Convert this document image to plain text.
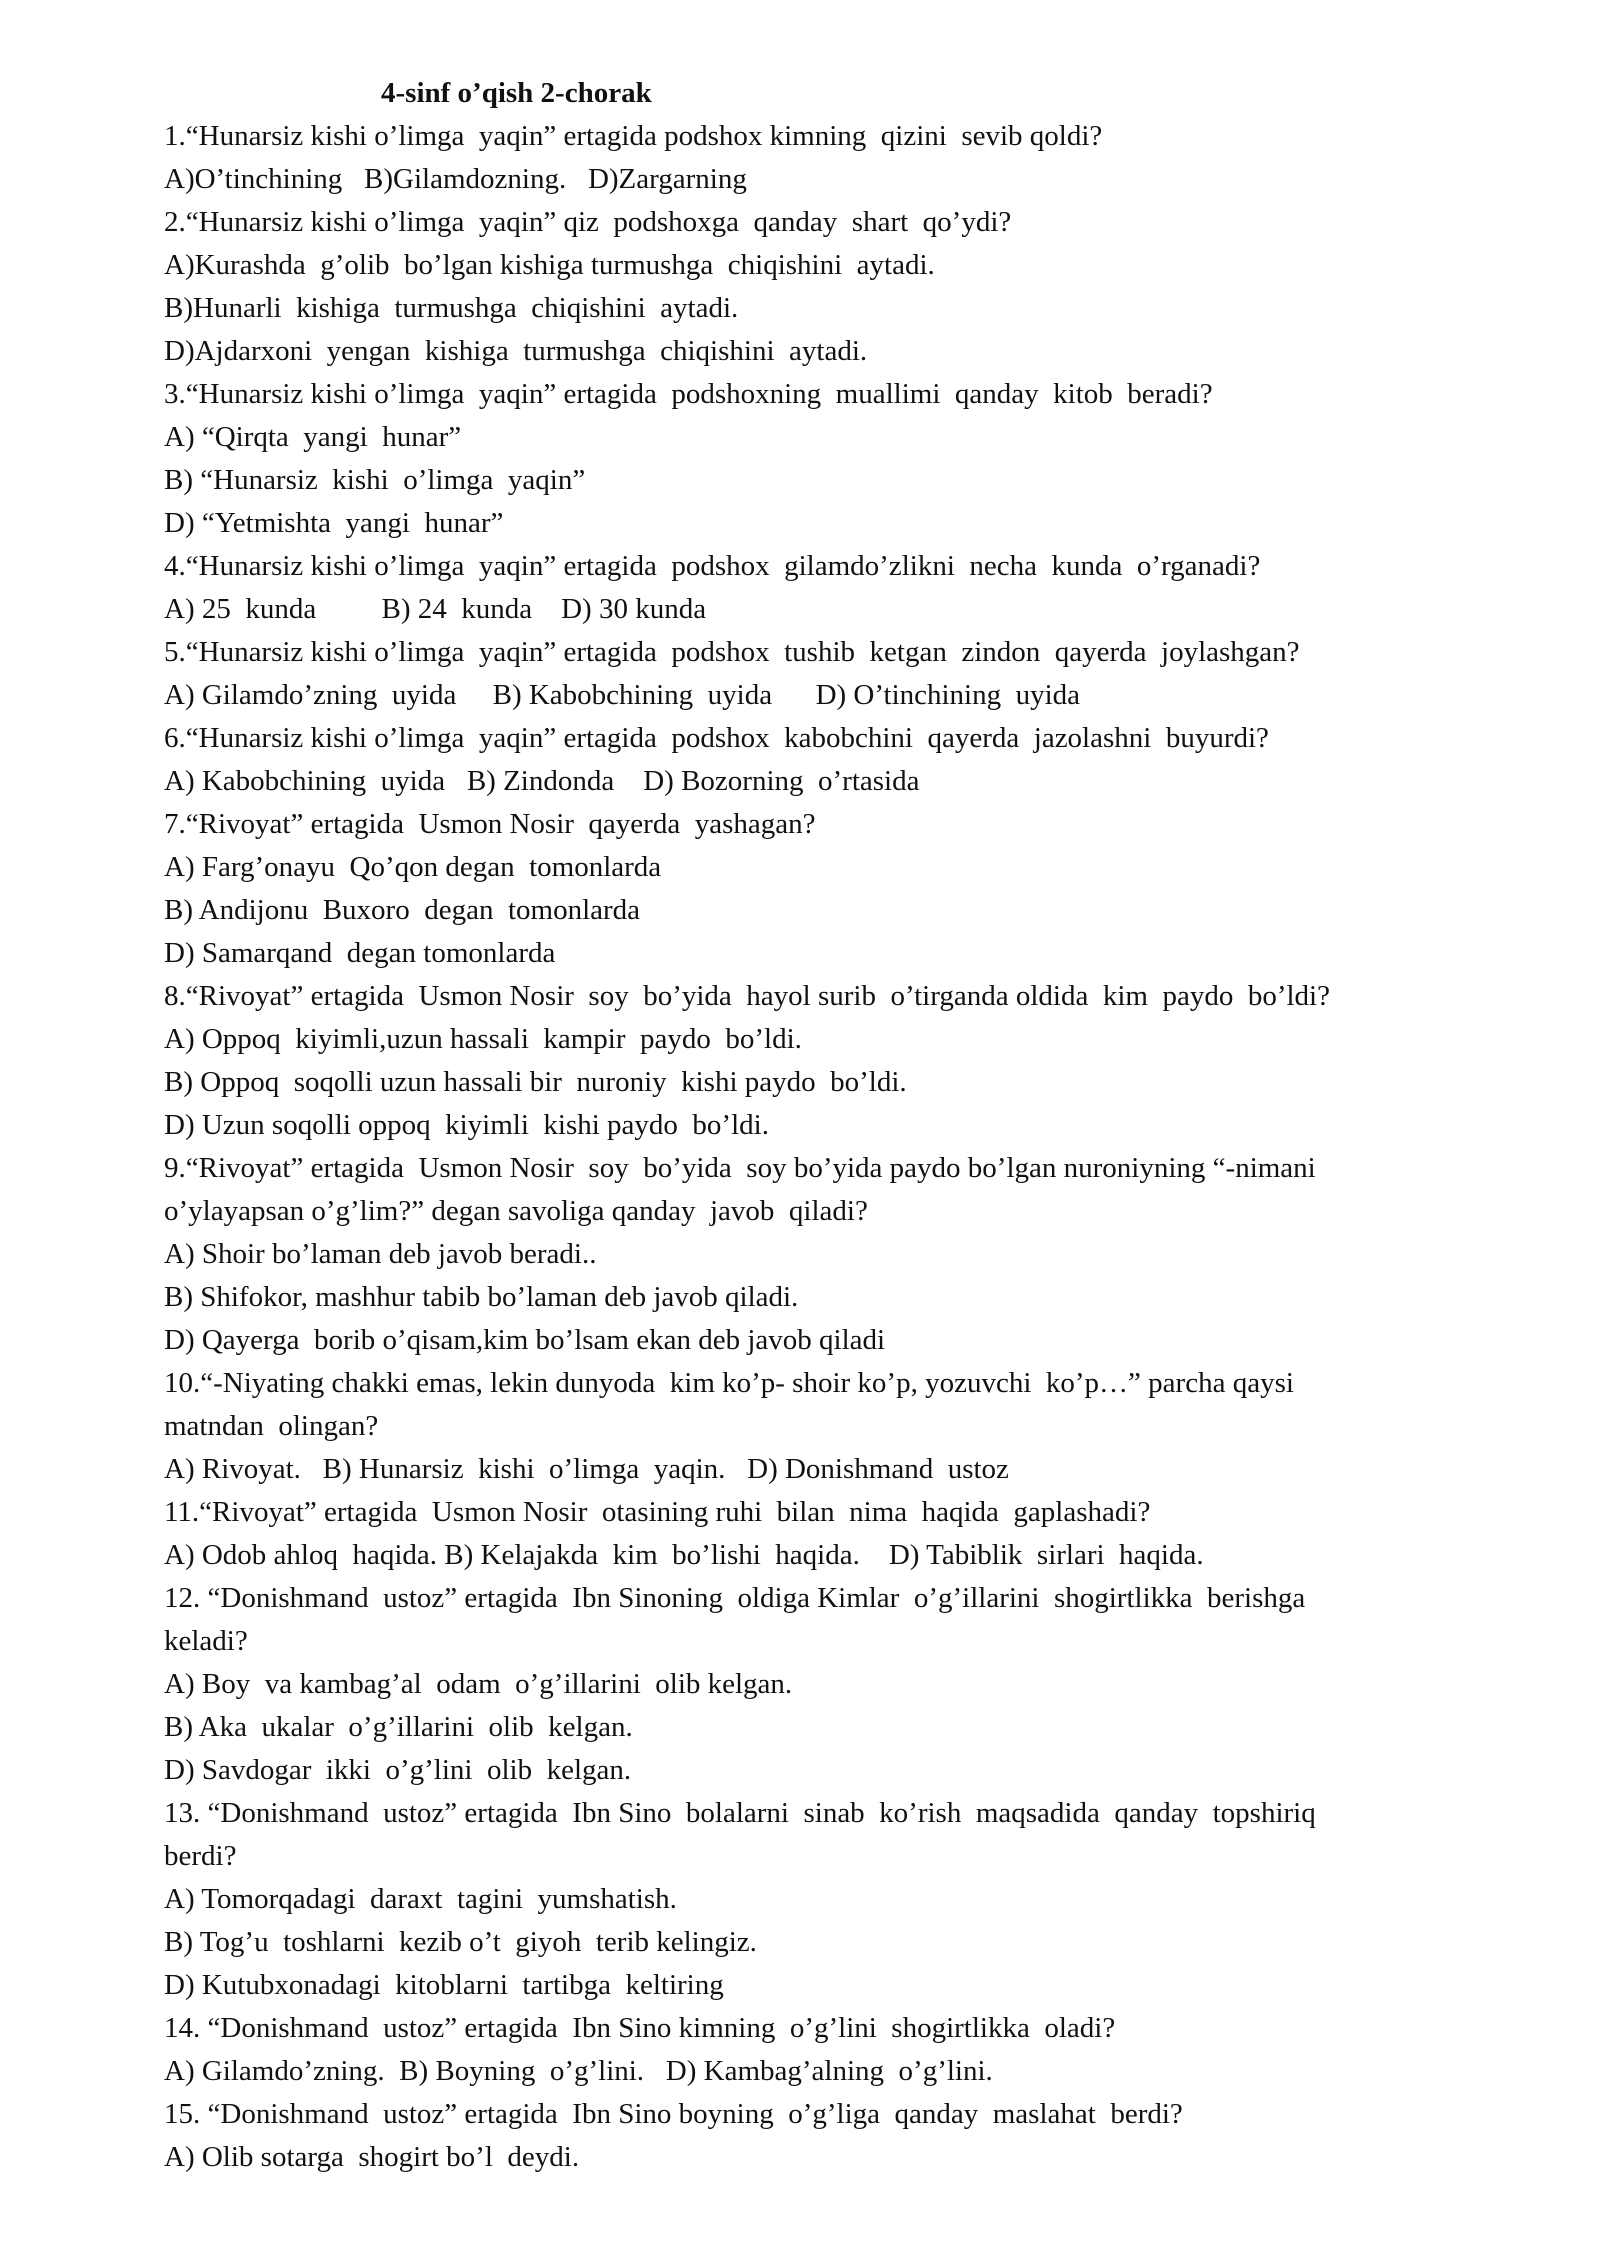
4-sinf o’qish 2-chorak
1.“Hunarsiz kishi o’limga  yaqin” ertagida podshox kimning  qizini  sevib qoldi?
A)O’tinchining   B)Gilamdozning.   D)Zargarning
2.“Hunarsiz kishi o’limga  yaqin” qiz  podshoxga  qanday  shart  qo’ydi?
A)Kurashda  g’olib  bo’lgan kishiga turmushga  chiqishini  aytadi.
B)Hunarli  kishiga  turmushga  chiqishini  aytadi.
D)Ajdarxoni  yengan  kishiga  turmushga  chiqishini  aytadi.
3.“Hunarsiz kishi o’limga  yaqin” ertagida  podshoxning  muallimi  qanday  kitob  beradi?
A) “Qirqta  yangi  hunar”
B) “Hunarsiz  kishi  o’limga  yaqin”
D) “Yetmishta  yangi  hunar”
4.“Hunarsiz kishi o’limga  yaqin” ertagida  podshox  gilamdo’zlikni  necha  kunda  o’rganadi?
A) 25  kunda         B) 24  kunda    D) 30 kunda
5.“Hunarsiz kishi o’limga  yaqin” ertagida  podshox  tushib  ketgan  zindon  qayerda  joylashgan?
A) Gilamdo’zning  uyida     B) Kabobchining  uyida      D) O’tinchining  uyida
6.“Hunarsiz kishi o’limga  yaqin” ertagida  podshox  kabobchini  qayerda  jazolashni  buyurdi?
A) Kabobchining  uyida   B) Zindonda    D) Bozorning  o’rtasida
7.“Rivoyat” ertagida  Usmon Nosir  qayerda  yashagan?
A) Farg’onayu  Qo’qon degan  tomonlarda
B) Andijonu  Buxoro  degan  tomonlarda
D) Samarqand  degan tomonlarda
8.“Rivoyat” ertagida  Usmon Nosir  soy  bo’yida  hayol surib  o’tirganda oldida  kim  paydo  bo’ldi?
A) Oppoq  kiyimli,uzun hassali  kampir  paydo  bo’ldi.
B) Oppoq  soqolli uzun hassali bir  nuroniy  kishi paydo  bo’ldi.
D) Uzun soqolli oppoq  kiyimli  kishi paydo  bo’ldi.
9.“Rivoyat” ertagida  Usmon Nosir  soy  bo’yida  soy bo’yida paydo bo’lgan nuroniyning “-nimani
o’ylayapsan o’g’lim?” degan savoliga qanday  javob  qiladi?
A) Shoir bo’laman deb javob beradi..
B) Shifokor, mashhur tabib bo’laman deb javob qiladi.
D) Qayerga  borib o’qisam,kim bo’lsam ekan deb javob qiladi
10.“-Niyating chakki emas, lekin dunyoda  kim ko’p- shoir ko’p, yozuvchi  ko’p…” parcha qaysi
matndan  olingan?
A) Rivoyat.   B) Hunarsiz  kishi  o’limga  yaqin.   D) Donishmand  ustoz
11.“Rivoyat” ertagida  Usmon Nosir  otasining ruhi  bilan  nima  haqida  gaplashadi?
A) Odob ahloq  haqida. B) Kelajakda  kim  bo’lishi  haqida.    D) Tabiblik  sirlari  haqida.
12. “Donishmand  ustoz” ertagida  Ibn Sinoning  oldiga Kimlar  o’g’illarini  shogirtlikka  berishga
keladi?
A) Boy  va kambag’al  odam  o’g’illarini  olib kelgan.
B) Aka  ukalar  o’g’illarini  olib  kelgan.
D) Savdogar  ikki  o’g’lini  olib  kelgan.
13. “Donishmand  ustoz” ertagida  Ibn Sino  bolalarni  sinab  ko’rish  maqsadida  qanday  topshiriq
berdi?
A) Tomorqadagi  daraxt  tagini  yumshatish.
B) Tog’u  toshlarni  kezib o’t  giyoh  terib kelingiz.
D) Kutubxonadagi  kitoblarni  tartibga  keltiring
14. “Donishmand  ustoz” ertagida  Ibn Sino kimning  o’g’lini  shogirtlikka  oladi?
A) Gilamdo’zning.  B) Boyning  o’g’lini.   D) Kambag’alning  o’g’lini.
15. “Donishmand  ustoz” ertagida  Ibn Sino boyning  o’g’liga  qanday  maslahat  berdi?
A) Olib sotarga  shogirt bo’l  deydi.
